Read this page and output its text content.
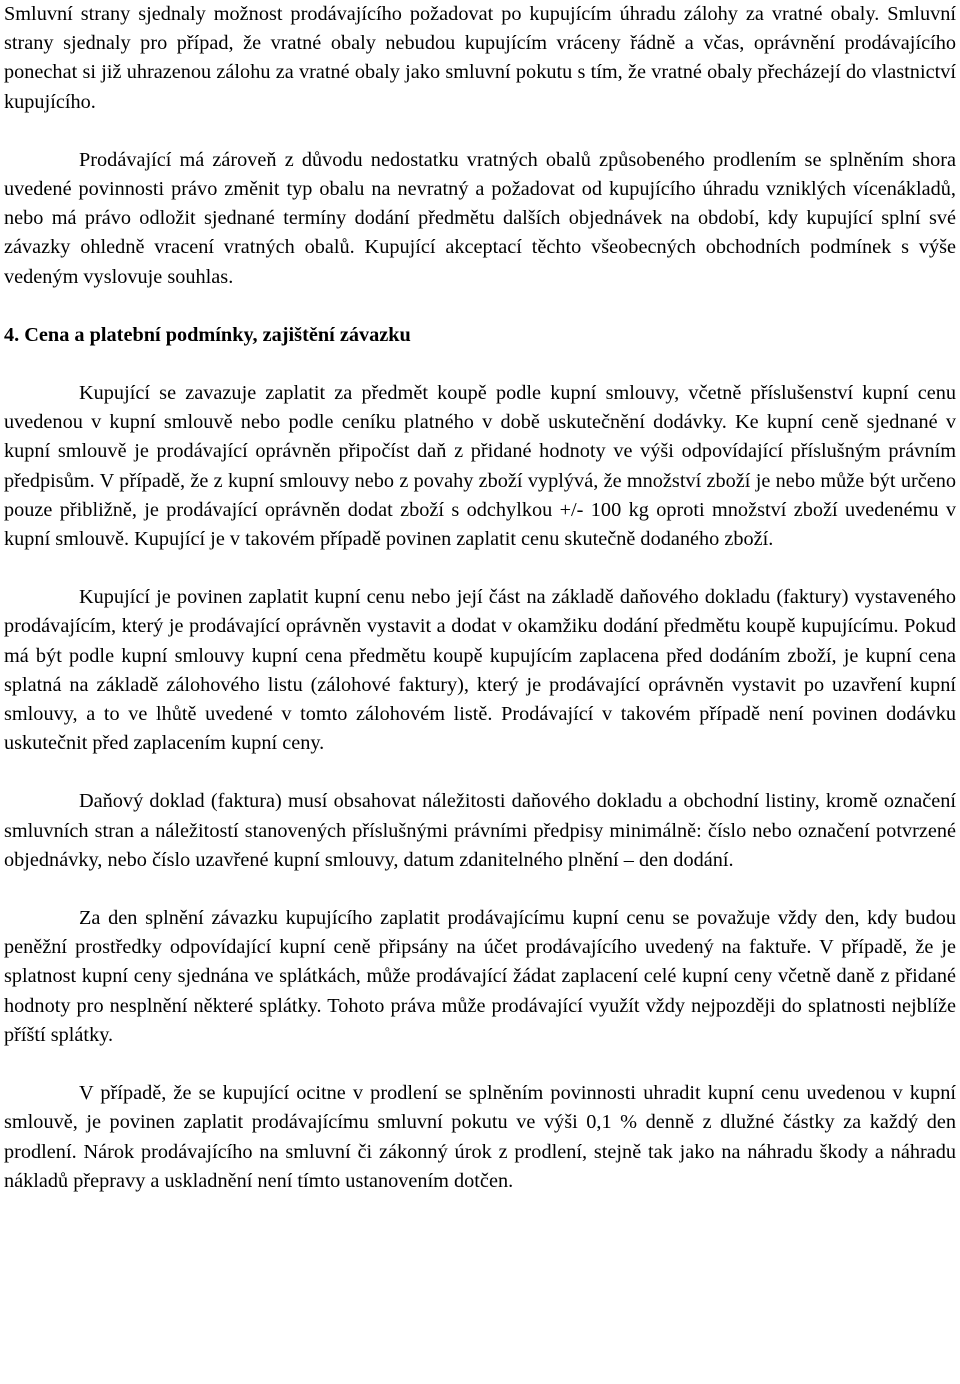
Smluvní strany sjednaly možnost prodávajícího požadovat po kupujícím úhradu zálohy za vratné obaly. Smluvní strany sjednaly pro případ, že vratné obaly nebudou kupujícím vráceny řádně a včas, oprávnění prodávajícího ponechat si již uhrazenou zálohu za vratné obaly jako smluvní pokutu s tím, že vratné obaly přecházejí do vlastnictví kupujícího.

Prodávající má zároveň z důvodu nedostatku vratných obalů způsobeného prodlením se splněním shora uvedené povinnosti právo změnit typ obalu na nevratný a požadovat od kupujícího úhradu vzniklých vícenákladů, nebo má právo odložit sjednané termíny dodání předmětu dalších objednávek na období, kdy kupující splní své závazky ohledně vracení vratných obalů. Kupující akceptací těchto všeobecných obchodních podmínek s výše vedeným vyslovuje souhlas.

4. Cena a platební podmínky, zajištění závazku

Kupující se zavazuje zaplatit za předmět koupě podle kupní smlouvy, včetně příslušenství kupní cenu uvedenou v kupní smlouvě nebo podle ceníku platného v době uskutečnění dodávky. Ke kupní ceně sjednané v kupní smlouvě je prodávající oprávněn připočíst daň z přidané hodnoty ve výši odpovídající příslušným právním předpisům. V případě, že z kupní smlouvy nebo z povahy zboží vyplývá, že množství zboží je nebo může být určeno pouze přibližně, je prodávající oprávněn dodat zboží s odchylkou +/- 100 kg oproti množství zboží uvedenému v kupní smlouvě. Kupující je v takovém případě povinen zaplatit cenu skutečně dodaného zboží.

Kupující je povinen zaplatit kupní cenu nebo její část na základě daňového dokladu (faktury) vystaveného prodávajícím, který je prodávající oprávněn vystavit a dodat v okamžiku dodání předmětu koupě kupujícímu. Pokud má být podle kupní smlouvy kupní cena předmětu koupě kupujícím zaplacena před dodáním zboží, je kupní cena splatná na základě zálohového listu (zálohové faktury), který je prodávající oprávněn vystavit po uzavření kupní smlouvy, a to ve lhůtě uvedené v tomto zálohovém listě. Prodávající v takovém případě není povinen dodávku uskutečnit před zaplacením kupní ceny.

Daňový doklad (faktura) musí obsahovat náležitosti daňového dokladu a obchodní listiny, kromě označení smluvních stran a náležitostí stanovených příslušnými právními předpisy minimálně: číslo nebo označení potvrzené objednávky, nebo číslo uzavřené kupní smlouvy, datum zdanitelného plnění – den dodání.

Za den splnění závazku kupujícího zaplatit prodávajícímu kupní cenu se považuje vždy den, kdy budou peněžní prostředky odpovídající kupní ceně připsány na účet prodávajícího uvedený na faktuře. V případě, že je splatnost kupní ceny sjednána ve splátkách, může prodávající žádat zaplacení celé kupní ceny včetně daně z přidané hodnoty pro nesplnění některé splátky. Tohoto práva může prodávající využít vždy nejpozději do splatnosti nejblíže příští splátky.

V případě, že se kupující ocitne v prodlení se splněním povinnosti uhradit kupní cenu uvedenou v kupní smlouvě, je povinen zaplatit prodávajícímu smluvní pokutu ve výši 0,1 % denně z dlužné částky za každý den prodlení. Nárok prodávajícího na smluvní či zákonný úrok z prodlení, stejně tak jako na náhradu škody a náhradu nákladů přepravy a uskladnění není tímto ustanovením dotčen.
